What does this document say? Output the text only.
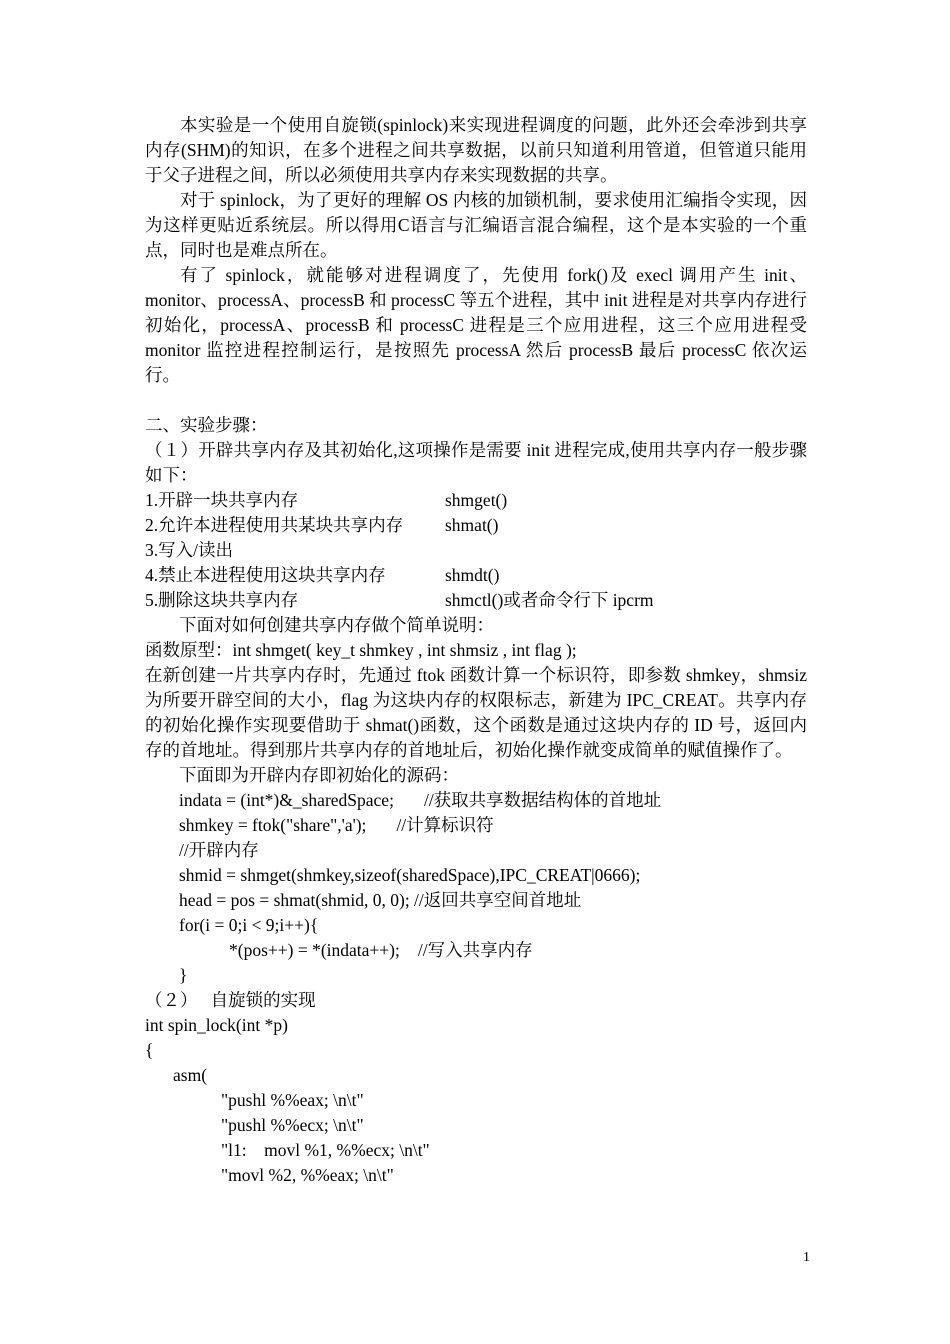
本实验是一个使用自旋锁(spinlock)来实现进程调度的问题，此外还会牵涉到共享内存(SHM)的知识，在多个进程之间共享数据，以前只知道利用管道，但管道只能用于父子进程之间，所以必须使用共享内存来实现数据的共享。

对于 spinlock，为了更好的理解 OS 内核的加锁机制，要求使用汇编指令实现，因为这样更贴近系统层。所以得用C语言与汇编语言混合编程，这个是本实验的一个重点，同时也是难点所在。

有了 spinlock，就能够对进程调度了，先使用 fork()及 execl 调用产生 init、monitor、processA、processB 和 processC 等五个进程，其中 init 进程是对共享内存进行初始化，processA、processB 和 processC 进程是三个应用进程，这三个应用进程受 monitor 监控进程控制运行，是按照先 processA 然后 processB 最后 processC 依次运行。

二、实验步骤：

（１）开辟共享内存及其初始化,这项操作是需要 init 进程完成,使用共享内存一般步骤如下：

1.开辟一块共享内存	shmget()
2.允许本进程使用共某块共享内存 shmat()
3.写入/读出
4.禁止本进程使用这块共享内存	shmdt()
5.删除这块共享内存	shmctl()或者命令行下 ipcrm
下面对如何创建共享内存做个简单说明：
函数原型：int shmget( key_t shmkey , int shmsiz , int flag );

在新创建一片共享内存时，先通过 ftok 函数计算一个标识符，即参数 shmkey，shmsiz 为所要开辟空间的大小，flag 为这块内存的权限标志，新建为 IPC_CREAT。共享内存的初始化操作实现要借助于 shmat()函数，这个函数是通过这块内存的 ID 号，返回内存的首地址。得到那片共享内存的首地址后，初始化操作就变成简单的赋值操作了。

下面即为开辟内存即初始化的源码：
indata = (int*)&_sharedSpace; //获取共享数据结构体的首地址
shmkey = ftok("share",'a'); //计算标识符
//开辟内存
shmid = shmget(shmkey,sizeof(sharedSpace),IPC_CREAT|0666);
head = pos = shmat(shmid, 0, 0); //返回共享空间首地址
for(i = 0;i < 9;i++){
*(pos++) = *(indata++); //写入共享内存
}
（２）　 自旋锁的实现
int spin_lock(int *p)
{
asm(
"pushl %%eax; \n\t"
"pushl %%ecx; \n\t"
"l1:    movl %1, %%ecx; \n\t"
"movl %2, %%eax; \n\t"
1
